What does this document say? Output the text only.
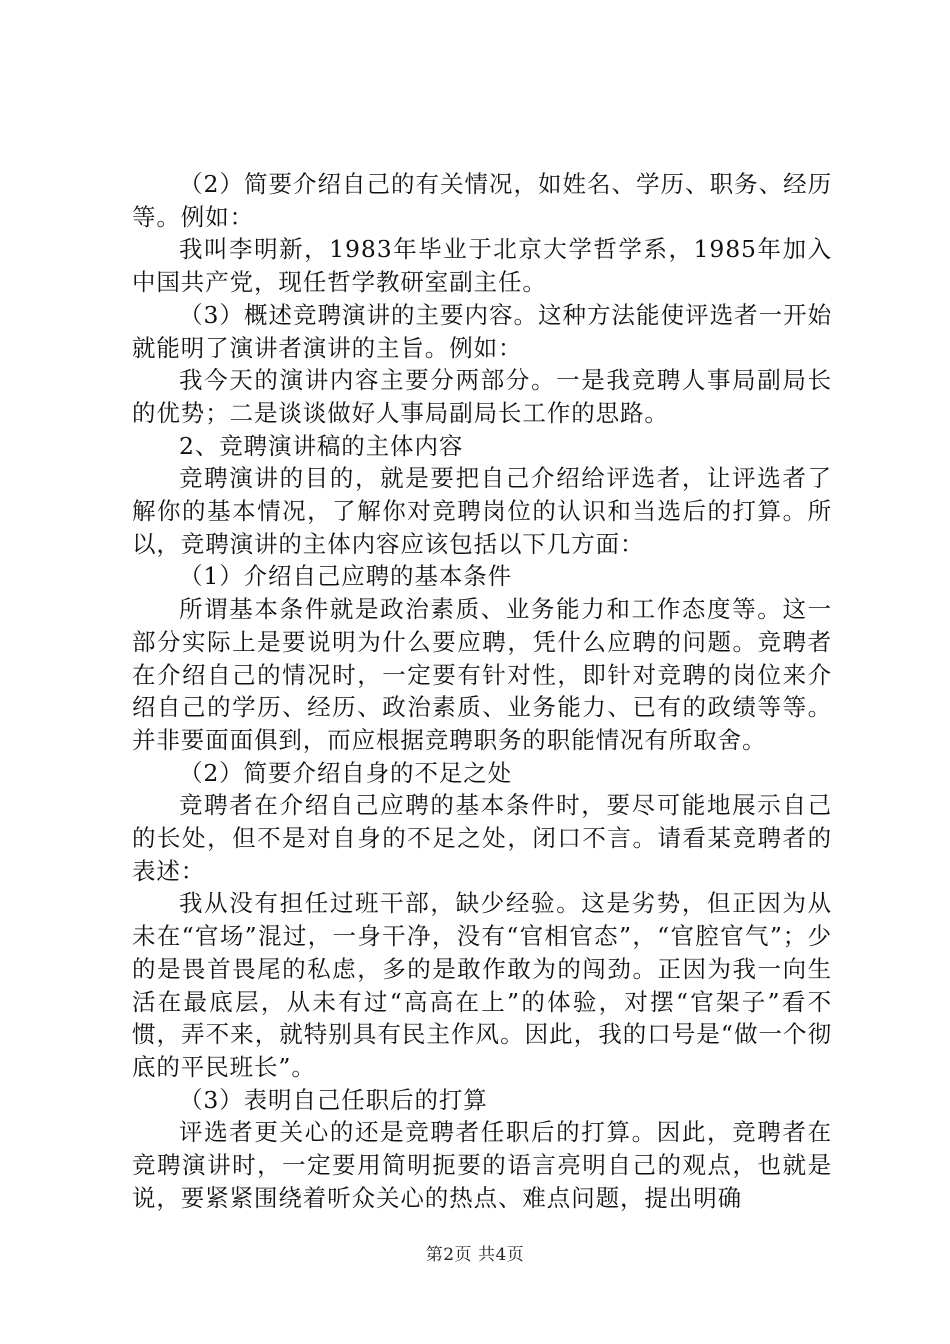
（2）简要介绍自己的有关情况，如姓名、学历、职务、经历等。例如：

我叫李明新，1983年毕业于北京大学哲学系，1985年加入中国共产党，现任哲学教研室副主任。

（3）概述竞聘演讲的主要内容。这种方法能使评选者一开始就能明了演讲者演讲的主旨。例如：

我今天的演讲内容主要分两部分。一是我竞聘人事局副局长的优势；二是谈谈做好人事局副局长工作的思路。

2、竞聘演讲稿的主体内容

竞聘演讲的目的，就是要把自己介绍给评选者，让评选者了解你的基本情况，了解你对竞聘岗位的认识和当选后的打算。所以，竞聘演讲的主体内容应该包括以下几方面：

（1）介绍自己应聘的基本条件

所谓基本条件就是政治素质、业务能力和工作态度等。这一部分实际上是要说明为什么要应聘，凭什么应聘的问题。竞聘者在介绍自己的情况时，一定要有针对性，即针对竞聘的岗位来介绍自己的学历、经历、政治素质、业务能力、已有的政绩等等。并非要面面俱到，而应根据竞聘职务的职能情况有所取舍。

（2）简要介绍自身的不足之处

竞聘者在介绍自己应聘的基本条件时，要尽可能地展示自己的长处，但不是对自身的不足之处，闭口不言。请看某竞聘者的表述：

我从没有担任过班干部，缺少经验。这是劣势，但正因为从未在“官场”混过，一身干净，没有“官相官态”，“官腔官气”；少的是畏首畏尾的私虑，多的是敢作敢为的闯劲。正因为我一向生活在最底层，从未有过“高高在上”的体验，对摆“官架子”看不惯，弄不来，就特别具有民主作风。因此，我的口号是“做一个彻底的平民班长”。

（3）表明自己任职后的打算

评选者更关心的还是竞聘者任职后的打算。因此，竞聘者在竞聘演讲时，一定要用简明扼要的语言亮明自己的观点，也就是说，要紧紧围绕着听众关心的热点、难点问题，提出明确

第2页 共4页
